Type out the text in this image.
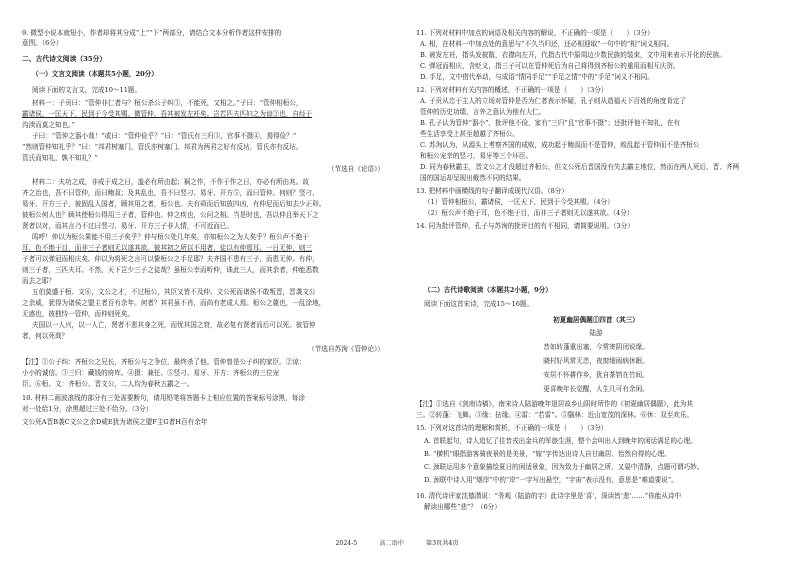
9. 微型小说本就短小，作者却将其分成“上”“下”两部分，请结合文本分析作者这样安排的
意图。（6分）
二、古代诗文阅读（35分）
（一）文言文阅读（本题共5小题，20分）
阅读下面的文言文，完成10～11题。
材料一：子贡曰：“管仲非仁者与？桓公杀公子纠①，不能死，又相之。”子曰：“管仲相桓公，
霸诸侯，一匡天下，民到于今受其赐。微管仲，吾其被发左衽矣。岂若匹夫匹妇之为谅②也，自经于
沟渎而莫之知也。”
子曰：“管仲之器小哉！”或曰：“管仲俭乎？”曰：“管氏有三归③，官事不摄④，焉得俭？”
“然则管仲知礼乎？”曰：“邦君树塞门，管氏亦树塞门。邦君为两君之好有反坫，管氏亦有反坫。
管氏而知礼，孰不知礼？”
（节选自《论语》）
材料二：夫功之成，非成于成之日，盖必有所由起；祸之作，不作于作之日，亦必有所由兆。故
齐之治也，吾不曰管仲，而曰鲍叔；及其乱也，吾不曰竖刁、易牙、开方⑤，而曰管仲。何则？竖刁、
易牙、开方三子，彼固乱人国者，顾其用之者，桓公也。夫有舜而后知放四凶，有仲尼而后知去少正卯。
彼桓公何人也？顾其使桓公得用三子者，管仲也。仲之疾也，公问之相。当是时也，吾以仲且举天下之
贤者以对，而其言乃不过曰竖刁、易牙、开方三子非人情，不可近而已。
呜呼！仲以为桓公果能不用三子矣乎？仲与桓公处几年矣，亦知桓公之为人矣乎？桓公声不绝于
耳，色不绝于目，而非三子者则无以遂其欲。彼其初之所以不用者，徒以有仲焉耳。一日无仲，则三
子者可以弹冠而相庆矣。仲以为将死之言可以絷桓公之手足耶？夫齐国不患有三子，而患无仲。有仲，
则三子者，三匹夫耳。不然，天下岂少三子之徒哉？虽桓公幸而听仲，诛此三人，而其余者，仲能悉数
而去之耶？
五伯莫盛于桓、文⑥，文公之才，不过桓公，其臣又皆不及仲。文公死而诸侯不敢叛晋，晋袭文公
之余威，犹得为诸侯之盟主者百有余年。何者？其君虽不肖，而尚有老成人焉。桓公之薨也，一乱涂地，
无惑也，彼独恃一管仲，而仲则死矣。
夫国以一人兴，以一人亡，贤者不悲其身之死，而忧其国之衰，故必复有贤者而后可以死。彼管仲
者，何以死哉？
（节选自苏洵《管仲论》）
【注】①公子纠：齐桓公之兄长，齐桓公与之争位，最终杀了他。管仲曾是公子纠的家臣。②谅：
小小的诚信。③三归：藏钱的府库。④摄：兼任。⑤竖刁、易牙、开方：齐桓公的三位宠
臣。⑥桓、文：齐桓公、晋文公，二人均为春秋五霸之一。
10. 材料二画波浪线的部分有三处需要断句，请用铅笔将答题卡上相应位置的答案标号涂黑，每涂
对一处给1分，涂黑超过三处不给分。（3分）
文公死A晋B袭C文公之余D威E犹为诸侯之盟F主G者H百有余年
11. 下列对材料中加点的词语及相关内容的解说，不正确的一项是（　　）（3分）
A. 相，在材料一中加点处的意思与“不久当归还，还必相迎取”一句中的“相”词义相同。
B. 被发左衽，指头发披散，衣襟向左开，代指古代中原周边少数民族的装束，文中用来表示开化的民族。
C. 弹冠而相庆，含贬义，指三子可以在管仲死后为自己将得到齐桓公的重用而相互庆贺。
D. 手足，文中借代举动，与成语“情同手足”“手足之情”中的“手足”词义不相同。
12. 下列对材料有关内容的概述，不正确的一项是（　　）（3分）
A. 子贡从忠于主人的立场对管仲是否为仁者表示怀疑，孔子则从造福天下百姓的角度肯定了
管仲的历史功绩，言外之意认为他有大仁。
B. 孔子认为管仲“器小”，批评他不俭，家有“三归”且“官事不摄”；还批评他不知礼，在有
些生活享受上甚至超越了齐桓公。
C. 苏洵认为，从源头上考察齐国的成败，成功起于鲍叔而不是管仲，败乱起于管仲而不是齐桓公
和桓公宠幸的竖刁、易牙等三个坏臣。
D. 同为春秋霸主，晋文公之才没超过齐桓公，但文公死后晋国没有失去霸主地位，然而在两人死后，晋、齐两
国的国运却呈现出截然不同的结果。
13. 把材料中画横线的句子翻译成现代汉语。（8分）
（1）管仲相桓公，霸诸侯，一匡天下，民到于今受其赐。（4分）
（2）桓公声不绝于耳，色不绝于目，而非三子者则无以遂其欲。（4分）
14. 同为批评管仲，孔子与苏洵的批评目的有不相同，请简要说明。（3分）
（二）古代诗歌阅读（本题共2小题，9分）
阅读下面这首宋诗，完成15～16题。
初夏幽居偶题①四首（其三）
陆游
昔如转蓬重出塞，今常寄阴闭说缘。
晓村好风常无恙，夜窗细雨病休眠。
安居不怀耕作乡，犹自茶铛在竹间。
更喜晚年长觉醒，人生几可有余闲。
【注】①选自《剑南诗稿》，南宋诗人陆游晚年退居故乡山阴时所作的《初夏幽居偶题》，此为其
三。②转蓬：飞舞。③缘：拈缘。④雷：“若雷”。⑤翳林：近山宽茂的深林。⑥休：双至欢乐。
15. 下列对这首诗的理解和赏析，不正确的一项是（　　）（3分）
A. 首联起句，诗人追忆了往昔戎出金兵的军旅生涯，整个会叫出人到晚年的闲话满足的心理。
B. “横机”眼指游客骑夜景的是美景，“嫁”字传达出诗人自甘幽居、怡然自得的心理。
C. 颈联运用多个意象描绘夏日的闲适景象，因为致力于幽居之所，又晏中清静，点题可谓巧妙。
D. 颈联中诗人用“烟岸”中的“岸”一宇写出悬空，“宇宙”表示没有，意思是“难道要说”。
16. 清代诗评家沈德潜说：“务观（陆游的字）此诗字里是‘喜’，深读皆‘悲’……”你能从诗中
解读出哪些“悲”？（6分）
2024-5	高二语中	第3页共4页
